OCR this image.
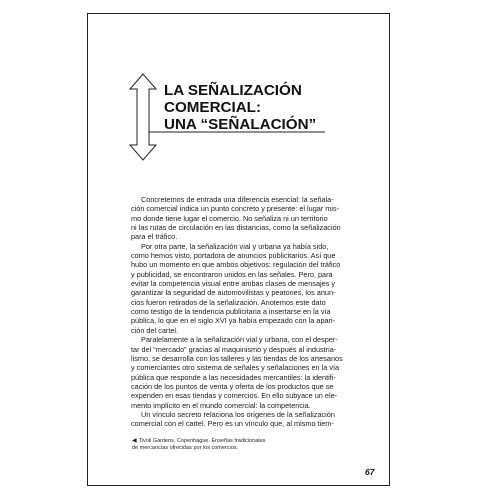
LA SEÑALIZACIÓN
COMERCIAL:
UNA “SEÑALACIÓN”
Concretemos de entrada una diferencia esencial: la señala-
ción comercial indica un punto concreto y presente: el lugar mis-
mo donde tiene lugar el comercio. No señaliza ni un territorio
ni las rutas de circulación en las distancias, como la señalización
para el tráfico.
Por otra parte, la señalización vial y urbana ya había sido,
como hemos visto, portadora de anuncios publicitarios. Así que
hubo un momento en que ambos objetivos: regulación del tráfico
y publicidad, se encontraron unidos en las señales. Pero, para
evitar la competencia visual entre ambas clases de mensajes y
garantizar la seguridad de automovilistas y peatones, los anun-
cios fueron retirados de la señalización. Anotemos este dato
como testigo de la tendencia publicitaria a insertarse en la vía
pública, lo que en el siglo XVI ya había empezado con la apari-
ción del cartel.
Paralelamente a la señalización vial y urbana, con el desper-
tar del “mercado” gracias al maquinismo y después al industria-
lismo, se desarrolla con los talleres y las tiendas de los artesanos
y comerciantes otro sistema de señales y señalaciones en la vía
pública que responde a las necesidades mercantiles: la identifi-
cación de los puntos de venta y oferta de los productos que se
expenden en esas tiendas y comercios. En ello subyace un ele-
mento implícito en el mundo comercial: la competencia.
Un vínculo secreto relaciona los orígenes de la señalización
comercial con el cartel. Pero es un vínculo que, al mismo tiem-
◀ Tivoli Gardens, Copenhague. Enseñas tradicionales
de mercancías ofrecidas por los comercios.
67
